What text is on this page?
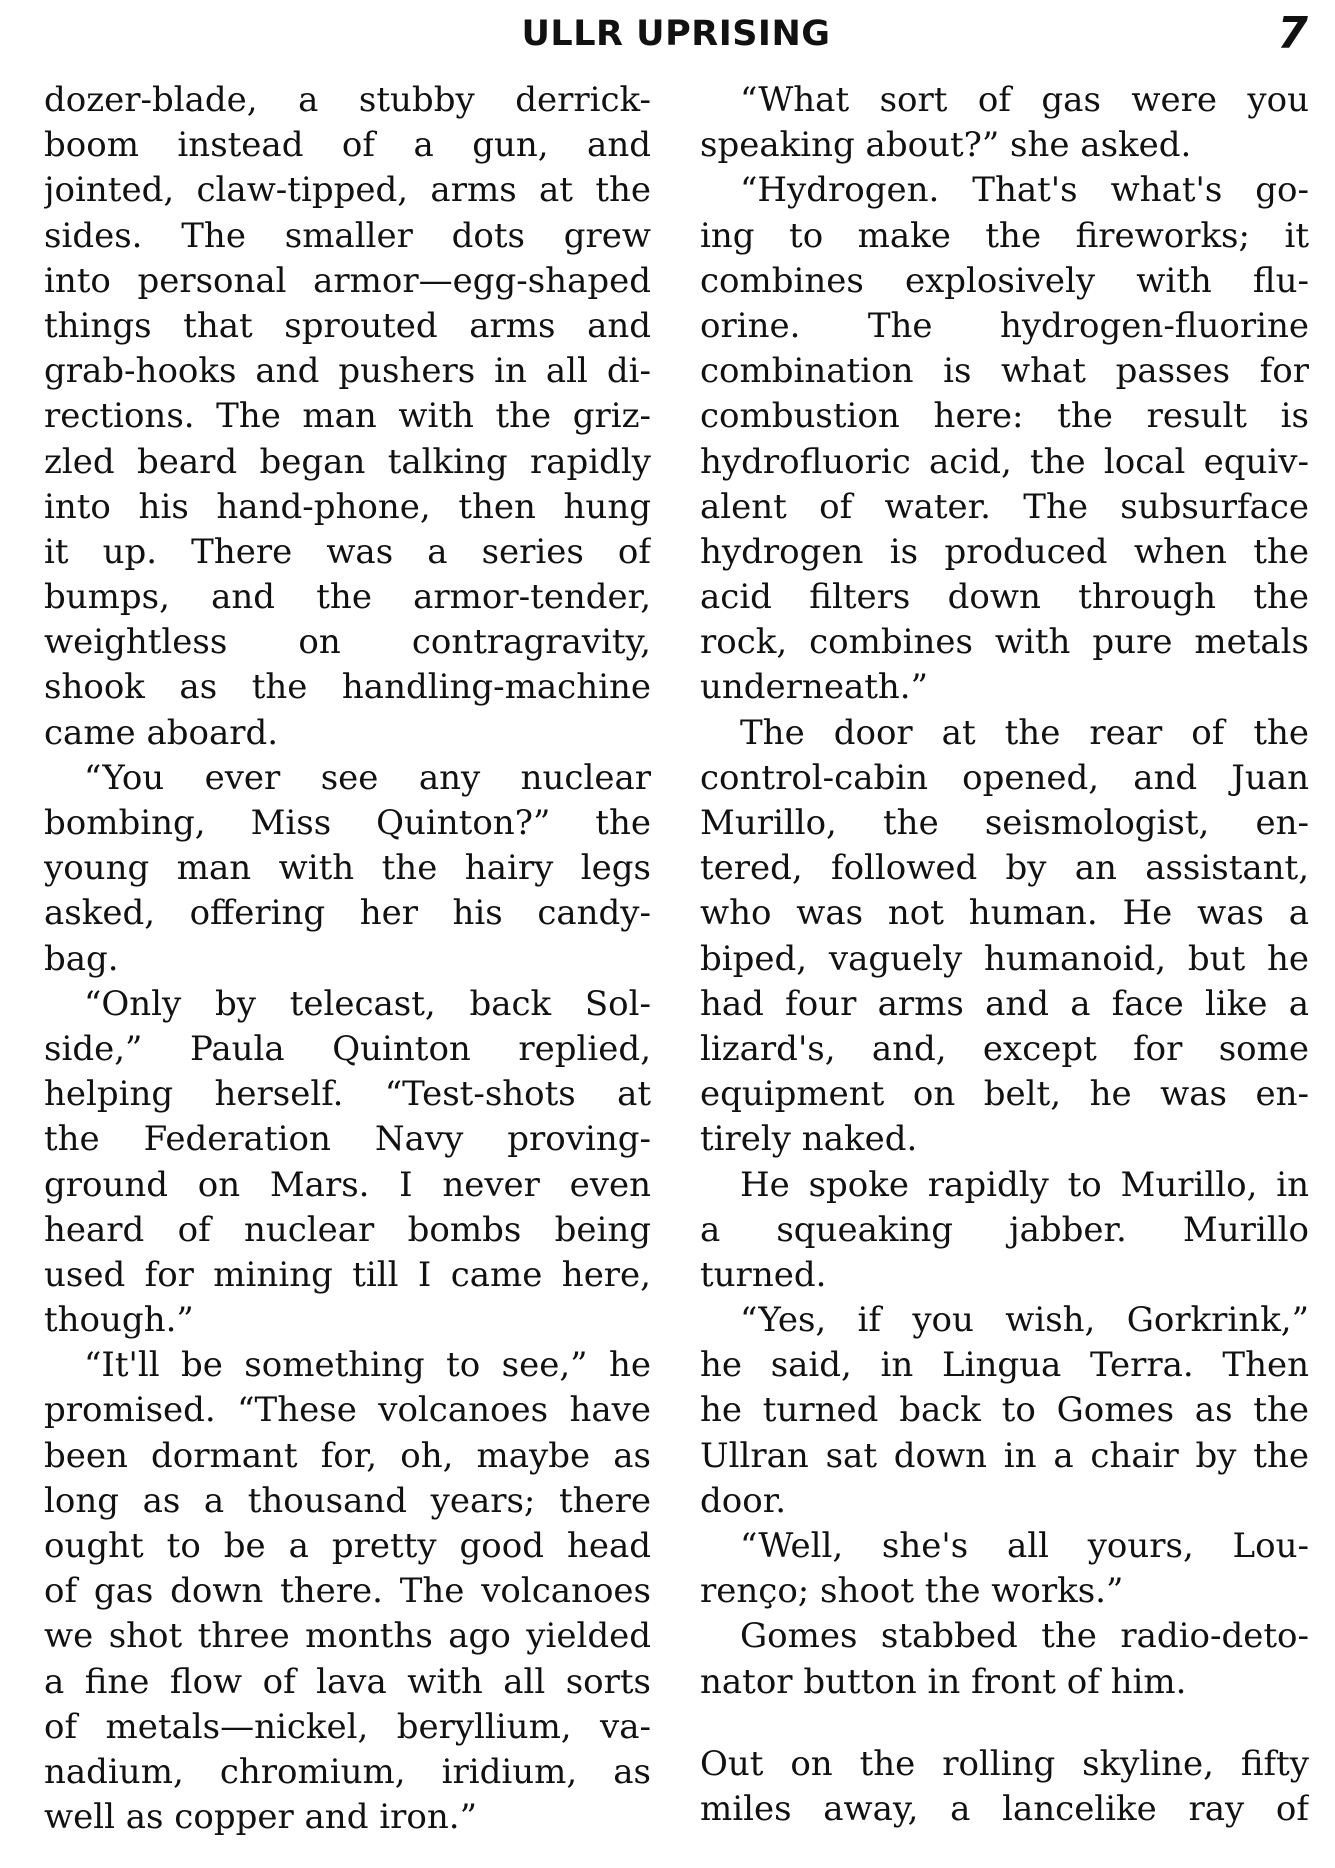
ULLR UPRISING	7
dozer-blade, a stubby derrick-
boom instead of a gun, and
jointed, claw-tipped, arms at the
sides. The smaller dots grew
into personal armor—egg-shaped
things that sprouted arms and
grab-hooks and pushers in all di-
rections. The man with the griz-
zled beard began talking rapidly
into his hand-phone, then hung
it up. There was a series of
bumps, and the armor-tender,
weightless on contragravity,
shook as the handling-machine
came aboard.
“You ever see any nuclear
bombing, Miss Quinton?” the
young man with the hairy legs
asked, offering her his candy-
bag.
“Only by telecast, back Sol-
side,” Paula Quinton replied,
helping herself. “Test-shots at
the Federation Navy proving-
ground on Mars. I never even
heard of nuclear bombs being
used for mining till I came here,
though.”
“It'll be something to see,” he
promised. “These volcanoes have
been dormant for, oh, maybe as
long as a thousand years; there
ought to be a pretty good head
of gas down there. The volcanoes
we shot three months ago yielded
a fine flow of lava with all sorts
of metals—nickel, beryllium, va-
nadium, chromium, iridium, as
well as copper and iron.”
“What sort of gas were you
speaking about?” she asked.
“Hydrogen. That's what's go-
ing to make the fireworks; it
combines explosively with flu-
orine. The hydrogen-fluorine
combination is what passes for
combustion here: the result is
hydrofluoric acid, the local equiv-
alent of water. The subsurface
hydrogen is produced when the
acid filters down through the
rock, combines with pure metals
underneath.”
The door at the rear of the
control-cabin opened, and Juan
Murillo, the seismologist, en-
tered, followed by an assistant,
who was not human. He was a
biped, vaguely humanoid, but he
had four arms and a face like a
lizard's, and, except for some
equipment on belt, he was en-
tirely naked.
He spoke rapidly to Murillo, in
a squeaking jabber. Murillo
turned.
“Yes, if you wish, Gorkrink,”
he said, in Lingua Terra. Then
he turned back to Gomes as the
Ullran sat down in a chair by the
door.
“Well, she's all yours, Lou-
renço; shoot the works.”
Gomes stabbed the radio-deto-
nator button in front of him.
Out on the rolling skyline, fifty
miles away, a lancelike ray of
